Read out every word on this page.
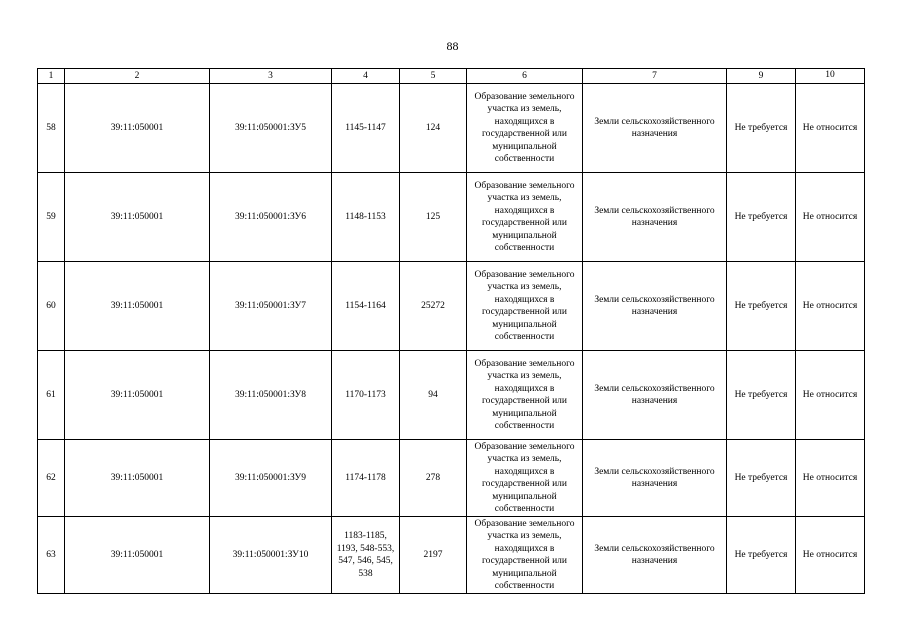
88
1	2	3	4	5	6	7	9	10
58	39:11:050001	39:11:050001:ЗУ5	1145-1147	124	Образование земельного участка из земель, находящихся в государственной или муниципальной собственности	Земли сельскохозяйственного назначения	Не требуется	Не относится
59	39:11:050001	39:11:050001:ЗУ6	1148-1153	125	Образование земельного участка из земель, находящихся в государственной или муниципальной собственности	Земли сельскохозяйственного назначения	Не требуется	Не относится
60	39:11:050001	39:11:050001:ЗУ7	1154-1164	25272	Образование земельного участка из земель, находящихся в государственной или муниципальной собственности	Земли сельскохозяйственного назначения	Не требуется	Не относится
61	39:11:050001	39:11:050001:ЗУ8	1170-1173	94	Образование земельного участка из земель, находящихся в государственной или муниципальной собственности	Земли сельскохозяйственного назначения	Не требуется	Не относится
62	39:11:050001	39:11:050001:ЗУ9	1174-1178	278	Образование земельного участка из земель, находящихся в государственной или муниципальной собственности	Земли сельскохозяйственного назначения	Не требуется	Не относится
63	39:11:050001	39:11:050001:ЗУ10	1183-1185, 1193, 548-553, 547, 546, 545, 538	2197	Образование земельного участка из земель, находящихся в государственной или муниципальной собственности	Земли сельскохозяйственного назначения	Не требуется	Не относится
